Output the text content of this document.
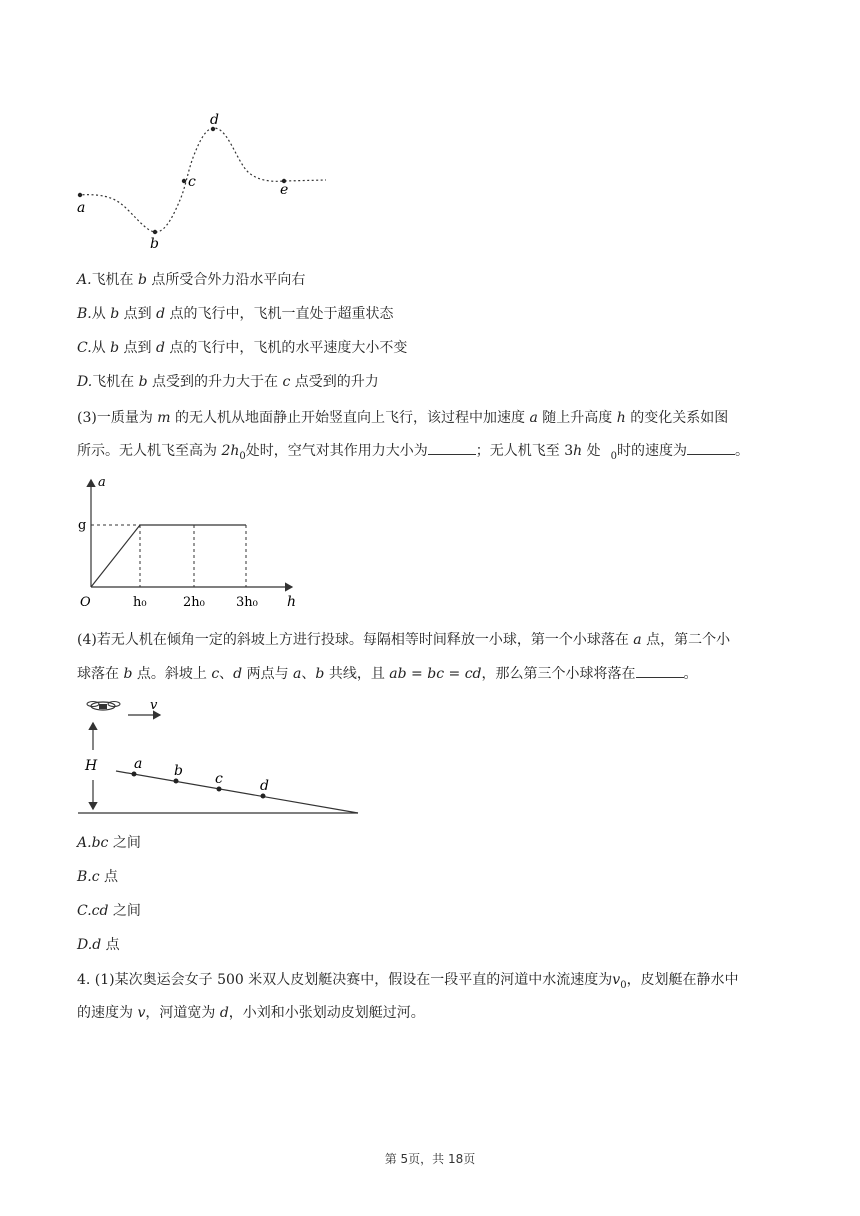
a
b
c
d
e

A.飞机在 b 点所受合外力沿水平向右

B.从 b 点到 d 点的飞行中，飞机一直处于超重状态

C.从 b 点到 d 点的飞行中，飞机的水平速度大小不变

D.飞机在 b 点受到的升力大于在 c 点受到的升力

(3)一质量为 m 的无人机从地面静止开始竖直向上飞行，该过程中加速度 a 随上升高度 h 的变化关系如图

所示。无人机飞至高为 $2h_0$处时，空气对其作用力大小为	；无人机飞至 3h 处 $_0$时的速度为	。

a
h
O
g
h₀	2h₀ 3h₀

(4)若无人机在倾角一定的斜坡上方进行投球。每隔相等时间释放一小球，第一个小球落在 a 点，第二个小

球落在 b 点。斜坡上 c、d 两点与 a、b 共线，且 ab = bc = cd，那么第三个小球将落在	。

v
H	a b c	d

A.bc 之间

B.c 点

C.cd 之间

D.d 点

4. (1)某次奥运会女子 500 米双人皮划艇决赛中，假设在一段平直的河道中水流速度为$v_0$，皮划艇在静水中

的速度为 v，河道宽为 d，小刘和小张划动皮划艇过河。

第 5页，共 18页
